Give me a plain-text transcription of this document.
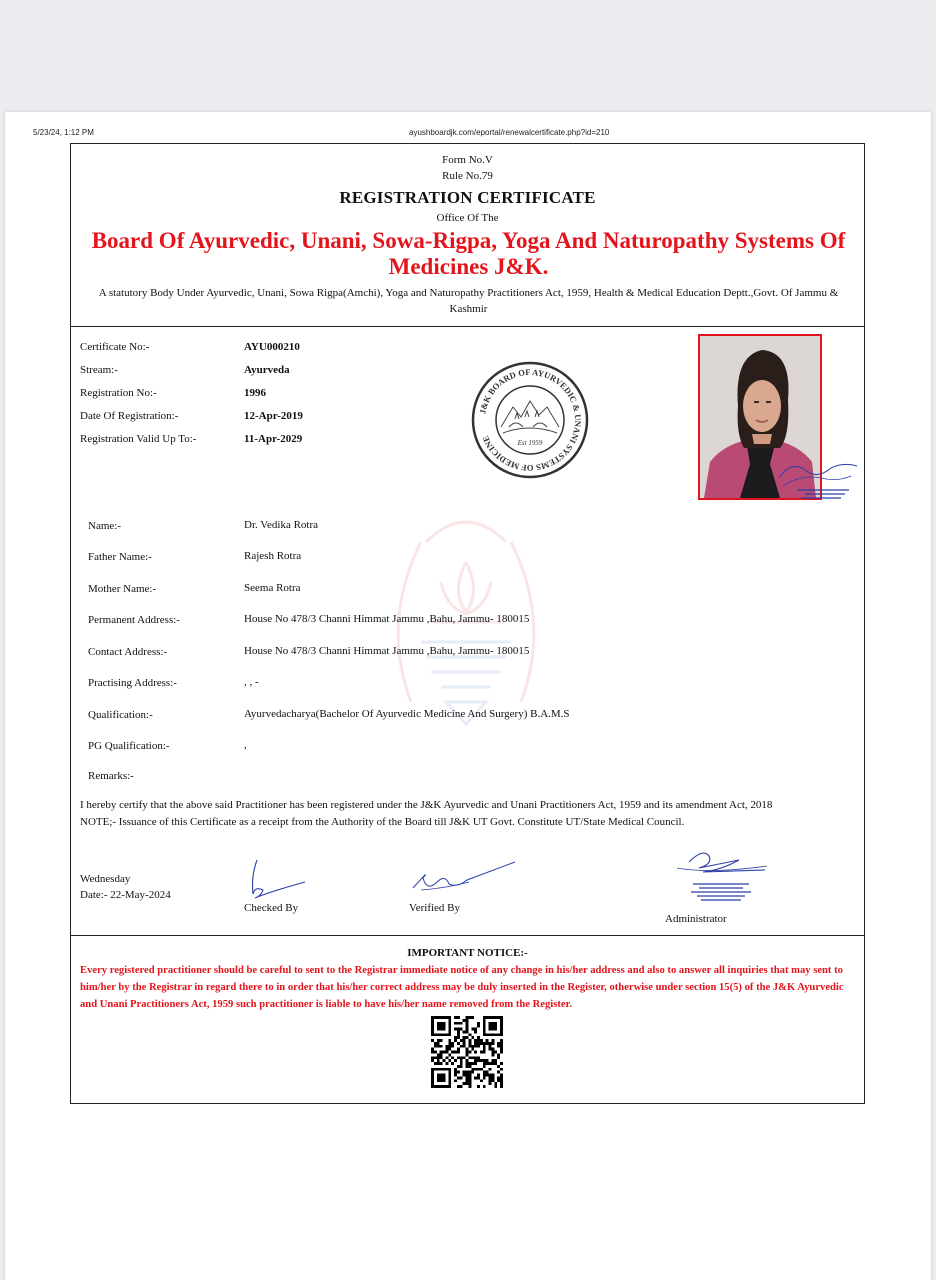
5/23/24, 1:12 PM	ayushboardjk.com/eportal/renewalcertificate.php?id=210
Form No.V
Rule No.79
REGISTRATION CERTIFICATE
Office Of The
Board Of Ayurvedic, Unani, Sowa-Rigpa, Yoga And Naturopathy Systems Of Medicines J&K.
A statutory Body Under Ayurvedic, Unani, Sowa Rigpa(Amchi), Yoga and Naturopathy Practitioners Act, 1959, Health & Medical Education Deptt.,Govt. Of Jammu & Kashmir
Certificate No:-	AYU000210
Stream:-	Ayurveda
Registration No:-	1996
Date Of Registration:-	12-Apr-2019
Registration Valid Up To:-	11-Apr-2029
J&K BOARD OF AYURVEDIC & UNANI SYSTEMS OF MEDICINE	Est 1959
Name:-	Dr. Vedika Rotra
Father Name:-	Rajesh Rotra
Mother Name:-	Seema Rotra
Permanent Address:-	House No 478/3 Channi Himmat Jammu ,Bahu, Jammu- 180015
Contact Address:-	House No 478/3 Channi Himmat Jammu ,Bahu, Jammu- 180015
Practising Address:-	, , -
Qualification:-	Ayurvedacharya(Bachelor Of Ayurvedic Medicine And Surgery) B.A.M.S
PG Qualification:-	,
Remarks:-
I hereby certify that the above said Practitioner has been registered under the J&K Ayurvedic and Unani Practitioners Act, 1959 and its amendment Act, 2018
NOTE;- Issuance of this Certificate as a receipt from the Authority of the Board till J&K UT Govt. Constitute UT/State Medical Council.
Wednesday
Date:- 22-May-2024
Checked By	Verified By
Administrator
IMPORTANT NOTICE:-
Every registered practitioner should be careful to sent to the Registrar immediate notice of any change in his/her address and also to answer all inquiries that may sent to him/her by the Registrar in regard there to in order that his/her correct address may be duly inserted in the Register, otherwise under section 15(5) of the J&K Ayurvedic and Unani Practitioners Act, 1959 such practitioner is liable to have his/her name removed from the Register.
